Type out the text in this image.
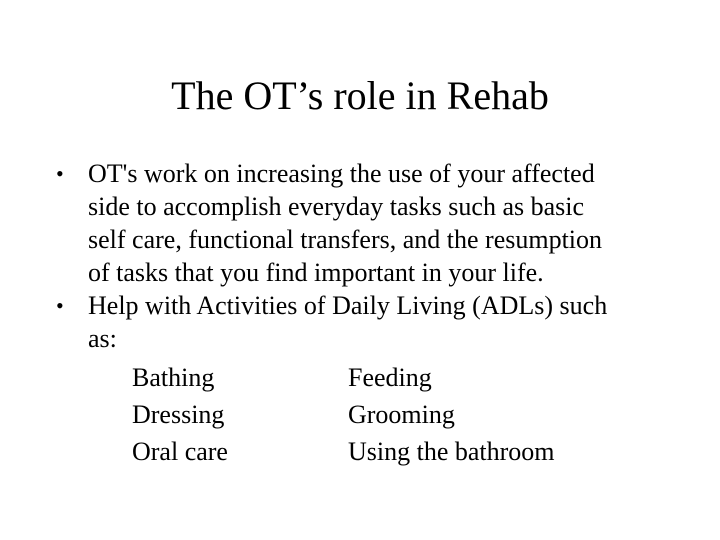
The OT’s role in Rehab
• OT's work on increasing the use of your affected
side to accomplish everyday tasks such as basic
self care, functional transfers, and the resumption
of tasks that you find important in your life.
• Help with Activities of Daily Living (ADLs) such
as:
Bathing	Feeding
Dressing	Grooming
Oral care	Using the bathroom
